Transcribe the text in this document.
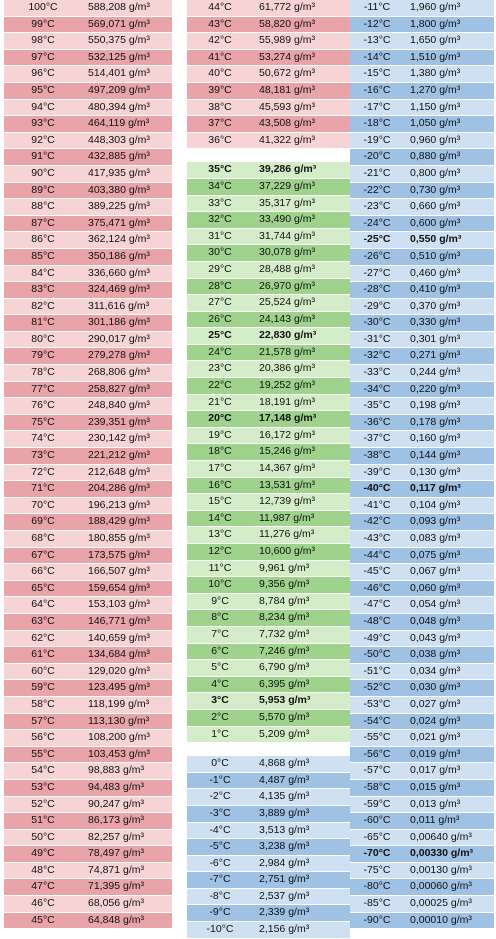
100°C	588,208 g/m³
99°C	569,071 g/m³
98°C	550,375 g/m³
97°C	532,125 g/m³
96°C	514,401 g/m³
95°C	497,209 g/m³
94°C	480,394 g/m³
93°C	464,119 g/m³
92°C	448,303 g/m³
91°C	432,885 g/m³
90°C	417,935 g/m³
89°C	403,380 g/m³
88°C	389,225 g/m³
87°C	375,471 g/m³
86°C	362,124 g/m³
85°C	350,186 g/m³
84°C	336,660 g/m³
83°C	324,469 g/m³
82°C	311,616 g/m³
81°C	301,186 g/m³
80°C	290,017 g/m³
79°C	279,278 g/m³
78°C	268,806 g/m³
77°C	258,827 g/m³
76°C	248,840 g/m³
75°C	239,351 g/m³
74°C	230,142 g/m³
73°C	221,212 g/m³
72°C	212,648 g/m³
71°C	204,286 g/m³
70°C	196,213 g/m³
69°C	188,429 g/m³
68°C	180,855 g/m³
67°C	173,575 g/m³
66°C	166,507 g/m³
65°C	159,654 g/m³
64°C	153,103 g/m³
63°C	146,771 g/m³
62°C	140,659 g/m³
61°C	134,684 g/m³
60°C	129,020 g/m³
59°C	123,495 g/m³
58°C	118,199 g/m³
57°C	113,130 g/m³
56°C	108,200 g/m³
55°C	103,453 g/m³
54°C	98,883 g/m³
53°C	94,483 g/m³
52°C	90,247 g/m³
51°C	86,173 g/m³
50°C	82,257 g/m³
49°C	78,497 g/m³
48°C	74,871 g/m³
47°C	71,395 g/m³
46°C	68,056 g/m³
45°C	64,848 g/m³
44°C	61,772 g/m³
43°C	58,820 g/m³
42°C	55,989 g/m³
41°C	53,274 g/m³
40°C	50,672 g/m³
39°C	48,181 g/m³
38°C	45,593 g/m³
37°C	43,508 g/m³
36°C	41,322 g/m³
35°C	39,286 g/m³
34°C	37,229 g/m³
33°C	35,317 g/m³
32°C	33,490 g/m³
31°C	31,744 g/m³
30°C	30,078 g/m³
29°C	28,488 g/m³
28°C	26,970 g/m³
27°C	25,524 g/m³
26°C	24,143 g/m³
25°C	22,830 g/m³
24°C	21,578 g/m³
23°C	20,386 g/m³
22°C	19,252 g/m³
21°C	18,191 g/m³
20°C	17,148 g/m³
19°C	16,172 g/m³
18°C	15,246 g/m³
17°C	14,367 g/m³
16°C	13,531 g/m³
15°C	12,739 g/m³
14°C	11,987 g/m³
13°C	11,276 g/m³
12°C	10,600 g/m³
11°C	9,961 g/m³
10°C	9,356 g/m³
9°C	8,784 g/m³
8°C	8,234 g/m³
7°C	7,732 g/m³
6°C	7,246 g/m³
5°C	6,790 g/m³
4°C	6,395 g/m³
3°C	5,953 g/m³
2°C	5,570 g/m³
1°C	5,209 g/m³
0°C	4,868 g/m³
-1°C	4,487 g/m³
-2°C	4,135 g/m³
-3°C	3,889 g/m³
-4°C	3,513 g/m³
-5°C	3,238 g/m³
-6°C	2,984 g/m³
-7°C	2,751 g/m³
-8°C	2,537 g/m³
-9°C	2,339 g/m³
-10°C	2,156 g/m³
-11°C	1,960 g/m³
-12°C	1,800 g/m³
-13°C	1,650 g/m³
-14°C	1,510 g/m³
-15°C	1,380 g/m³
-16°C	1,270 g/m³
-17°C	1,150 g/m³
-18°C	1,050 g/m³
-19°C	0,960 g/m³
-20°C	0,880 g/m³
-21°C	0,800 g/m³
-22°C	0,730 g/m³
-23°C	0,660 g/m³
-24°C	0,600 g/m³
-25°C	0,550 g/m³
-26°C	0,510 g/m³
-27°C	0,460 g/m³
-28°C	0,410 g/m³
-29°C	0,370 g/m³
-30°C	0,330 g/m³
-31°C	0,301 g/m³
-32°C	0,271 g/m³
-33°C	0,244 g/m³
-34°C	0,220 g/m³
-35°C	0,198 g/m³
-36°C	0,178 g/m³
-37°C	0,160 g/m³
-38°C	0,144 g/m³
-39°C	0,130 g/m³
-40°C	0,117 g/m³
-41°C	0,104 g/m³
-42°C	0,093 g/m³
-43°C	0,083 g/m³
-44°C	0,075 g/m³
-45°C	0,067 g/m³
-46°C	0,060 g/m³
-47°C	0,054 g/m³
-48°C	0,048 g/m³
-49°C	0,043 g/m³
-50°C	0,038 g/m³
-51°C	0,034 g/m³
-52°C	0,030 g/m³
-53°C	0,027 g/m³
-54°C	0,024 g/m³
-55°C	0,021 g/m³
-56°C	0,019 g/m³
-57°C	0,017 g/m³
-58°C	0,015 g/m³
-59°C	0,013 g/m³
-60°C	0,011 g/m³
-65°C	0,00640 g/m³
-70°C	0,00330 g/m³
-75°C	0,00130 g/m³
-80°C	0,00060 g/m³
-85°C	0,00025 g/m³
-90°C	0,00010 g/m³
